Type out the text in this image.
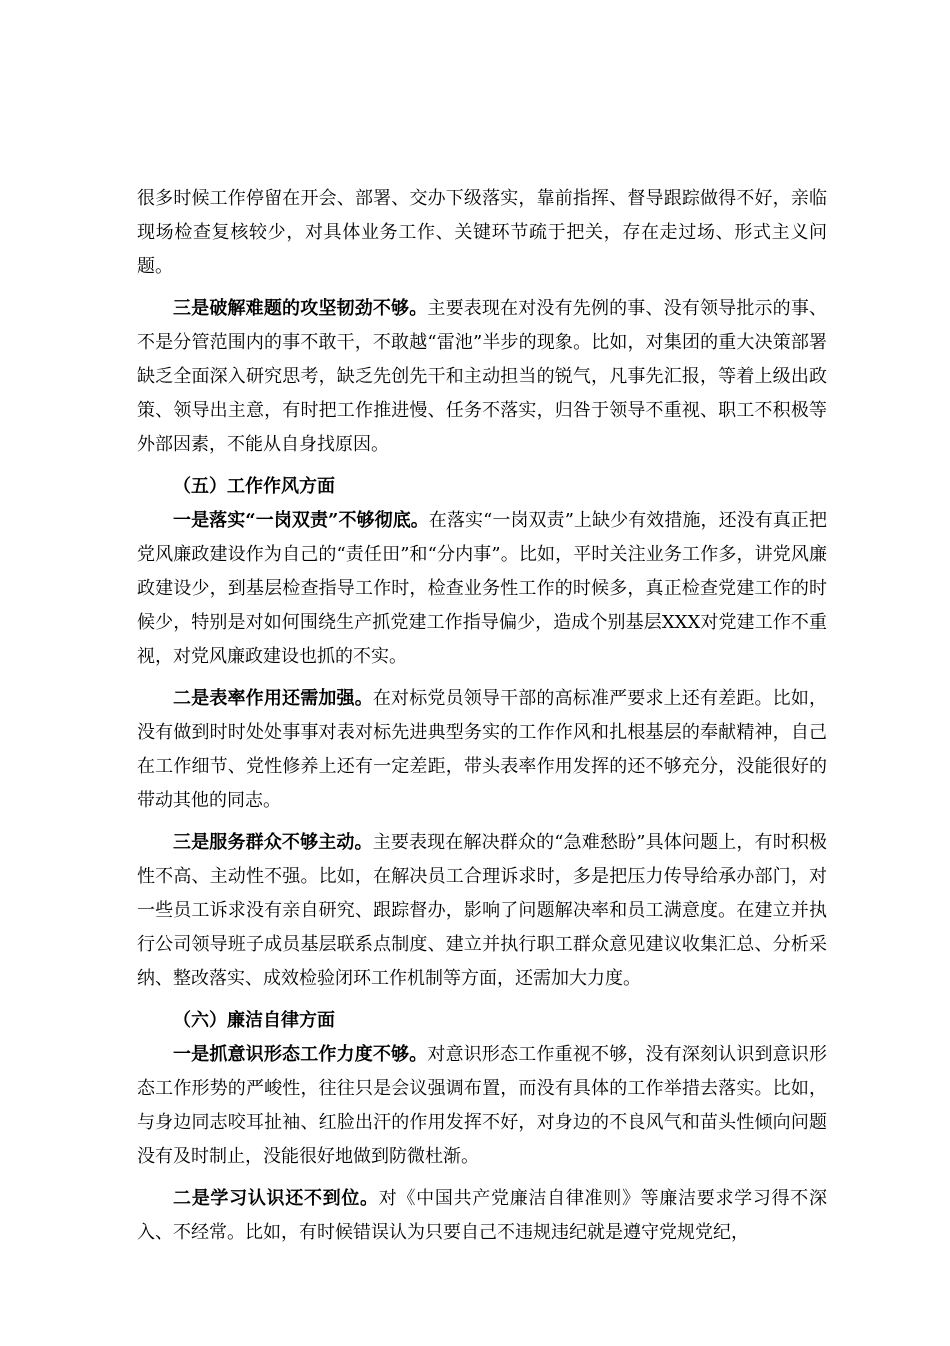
很多时候工作停留在开会、部署、交办下级落实，靠前指挥、督导跟踪做得不好，亲临现场检查复核较少，对具体业务工作、关键环节疏于把关，存在走过场、形式主义问题。

三是破解难题的攻坚韧劲不够。主要表现在对没有先例的事、没有领导批示的事、不是分管范围内的事不敢干，不敢越“雷池”半步的现象。比如，对集团的重大决策部署缺乏全面深入研究思考，缺乏先创先干和主动担当的锐气，凡事先汇报，等着上级出政策、领导出主意，有时把工作推进慢、任务不落实，归咎于领导不重视、职工不积极等外部因素，不能从自身找原因。

（五）工作作风方面

一是落实“一岗双责”不够彻底。在落实“一岗双责”上缺少有效措施，还没有真正把党风廉政建设作为自己的“责任田”和“分内事”。比如，平时关注业务工作多，讲党风廉政建设少，到基层检查指导工作时，检查业务性工作的时候多，真正检查党建工作的时候少，特别是对如何围绕生产抓党建工作指导偏少，造成个别基层XXX对党建工作不重视，对党风廉政建设也抓的不实。

二是表率作用还需加强。在对标党员领导干部的高标准严要求上还有差距。比如，没有做到时时处处事事对表对标先进典型务实的工作作风和扎根基层的奉献精神，自己在工作细节、党性修养上还有一定差距，带头表率作用发挥的还不够充分，没能很好的带动其他的同志。

三是服务群众不够主动。主要表现在解决群众的“急难愁盼”具体问题上，有时积极性不高、主动性不强。比如，在解决员工合理诉求时，多是把压力传导给承办部门，对一些员工诉求没有亲自研究、跟踪督办，影响了问题解决率和员工满意度。在建立并执行公司领导班子成员基层联系点制度、建立并执行职工群众意见建议收集汇总、分析采纳、整改落实、成效检验闭环工作机制等方面，还需加大力度。

（六）廉洁自律方面

一是抓意识形态工作力度不够。对意识形态工作重视不够，没有深刻认识到意识形态工作形势的严峻性，往往只是会议强调布置，而没有具体的工作举措去落实。比如，与身边同志咬耳扯袖、红脸出汗的作用发挥不好，对身边的不良风气和苗头性倾向问题没有及时制止，没能很好地做到防微杜渐。

二是学习认识还不到位。对《中国共产党廉洁自律准则》等廉洁要求学习得不深入、不经常。比如，有时候错误认为只要自己不违规违纪就是遵守党规党纪，
